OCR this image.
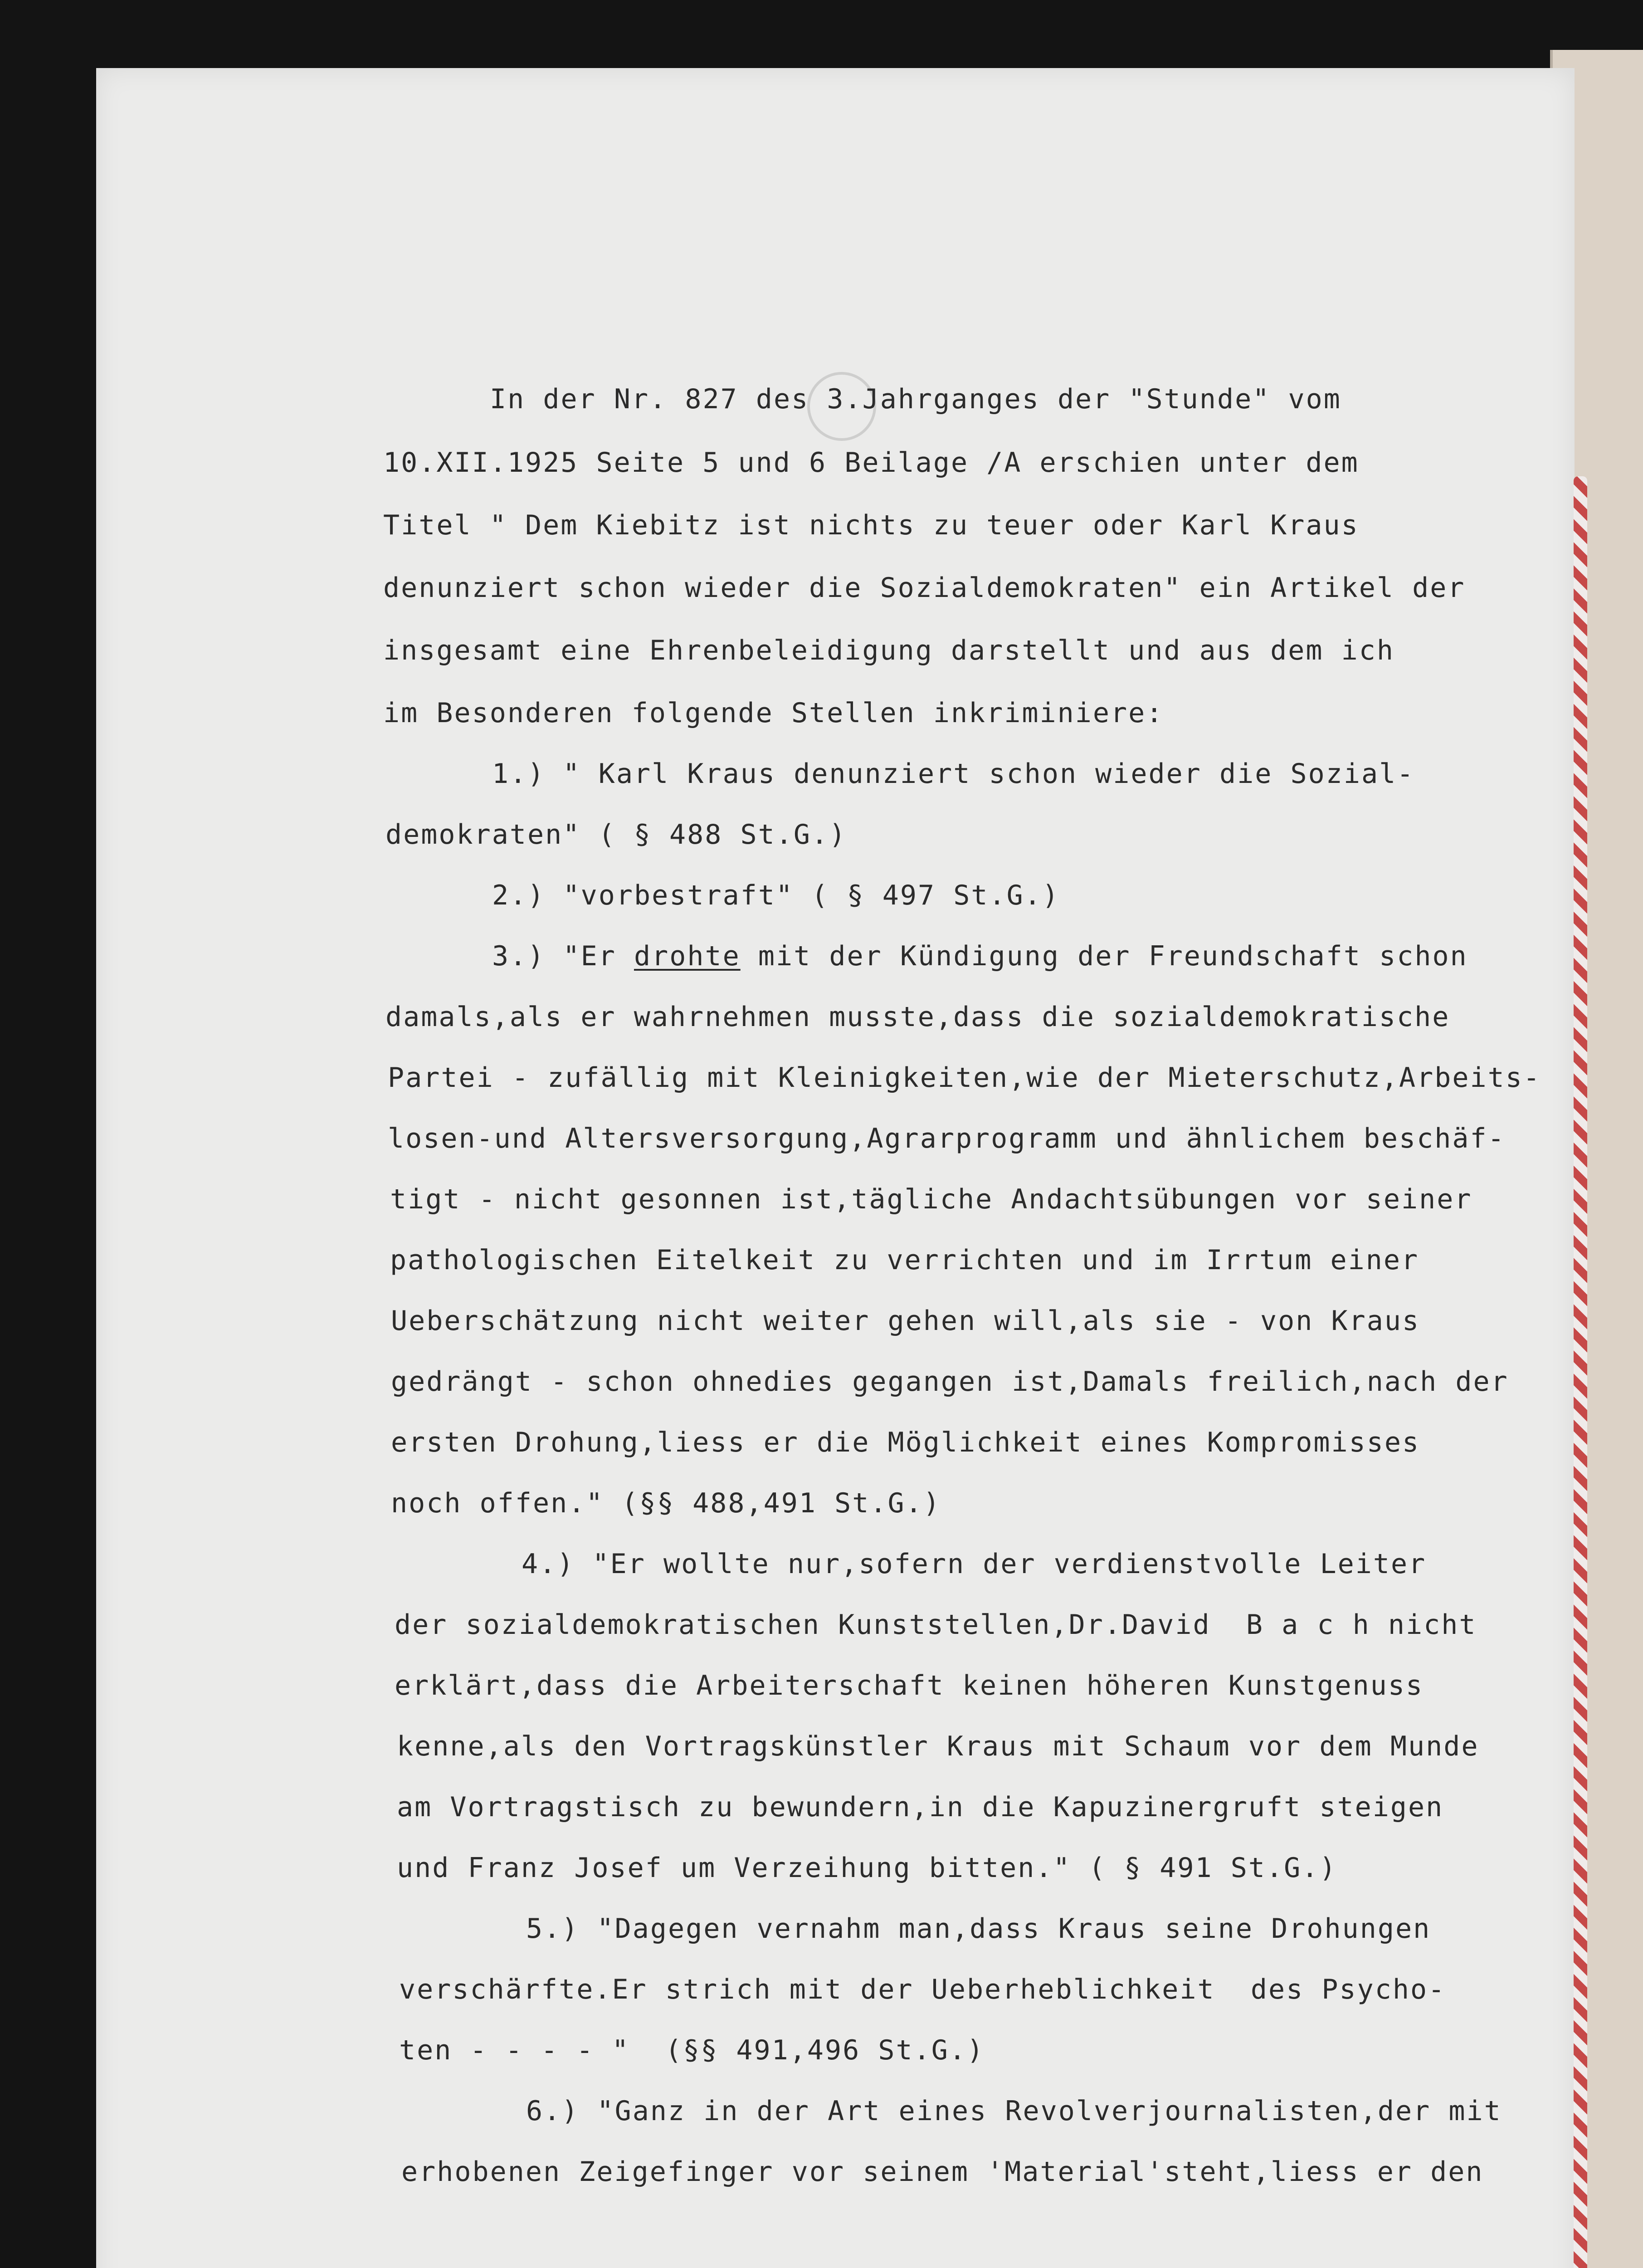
In der Nr. 827 des 3.Jahrganges der "Stunde" vom
10.XII.1925 Seite 5 und 6 Beilage /A erschien unter dem
Titel " Dem Kiebitz ist nichts zu teuer oder Karl Kraus
denunziert schon wieder die Sozialdemokraten" ein Artikel der
insgesamt eine Ehrenbeleidigung darstellt und aus dem ich
im Besonderen folgende Stellen inkriminiere:
1.) " Karl Kraus denunziert schon wieder die Sozial-
demokraten" ( § 488 St.G.)
2.) "vorbestraft" ( § 497 St.G.)
3.) "Er drohte mit der Kündigung der Freundschaft schon
damals,als er wahrnehmen musste,dass die sozialdemokratische
Partei - zufällig mit Kleinigkeiten,wie der Mieterschutz,Arbeits-
losen-und Altersversorgung,Agrarprogramm und ähnlichem beschäf-
tigt - nicht gesonnen ist,tägliche Andachtsübungen vor seiner
pathologischen Eitelkeit zu verrichten und im Irrtum einer
Ueberschätzung nicht weiter gehen will,als sie - von Kraus
gedrängt - schon ohnedies gegangen ist,Damals freilich,nach der
ersten Drohung,liess er die Möglichkeit eines Kompromisses
noch offen." (§§ 488,491 St.G.)
4.) "Er wollte nur,sofern der verdienstvolle Leiter
der sozialdemokratischen Kunststellen,Dr.David  B a c h nicht
erklärt,dass die Arbeiterschaft keinen höheren Kunstgenuss
kenne,als den Vortragskünstler Kraus mit Schaum vor dem Munde
am Vortragstisch zu bewundern,in die Kapuzinergruft steigen
und Franz Josef um Verzeihung bitten." ( § 491 St.G.)
5.) "Dagegen vernahm man,dass Kraus seine Drohungen
verschärfte.Er strich mit der Ueberheblichkeit  des Psycho-
ten - - - - "  (§§ 491,496 St.G.)
6.) "Ganz in der Art eines Revolverjournalisten,der mit
erhobenen Zeigefinger vor seinem 'Material'steht,liess er den
